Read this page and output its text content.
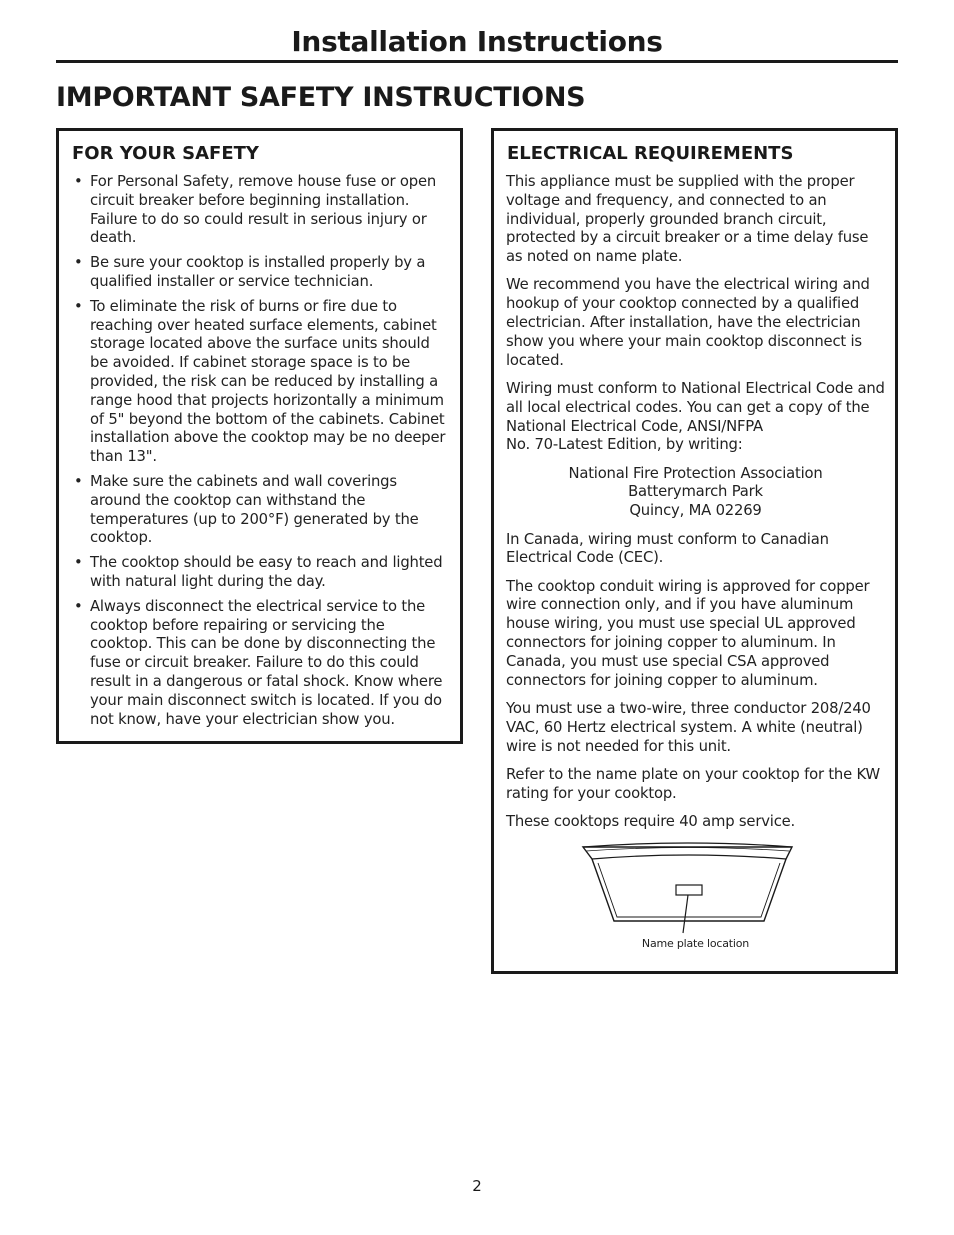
Installation Instructions
IMPORTANT SAFETY INSTRUCTIONS
FOR YOUR SAFETY
• For Personal Safety, remove house fuse or open circuit breaker before beginning installation. Failure to do so could result in serious injury or death.
• Be sure your cooktop is installed properly by a qualified installer or service technician.
• To eliminate the risk of burns or fire due to reaching over heated surface elements, cabinet storage located above the surface units should be avoided. If cabinet storage space is to be provided, the risk can be reduced by installing a range hood that projects horizontally a minimum of 5" beyond the bottom of the cabinets. Cabinet installation above the cooktop may be no deeper than 13".
• Make sure the cabinets and wall coverings around the cooktop can withstand the temperatures (up to 200°F) generated by the cooktop.
• The cooktop should be easy to reach and lighted with natural light during the day.
• Always disconnect the electrical service to the cooktop before repairing or servicing the cooktop. This can be done by disconnecting the fuse or circuit breaker. Failure to do this could result in a dangerous or fatal shock. Know where your main disconnect switch is located. If you do not know, have your electrician show you.
ELECTRICAL REQUIREMENTS

This appliance must be supplied with the proper voltage and frequency, and connected to an individual, properly grounded branch circuit, protected by a circuit breaker or a time delay fuse as noted on name plate.

We recommend you have the electrical wiring and hookup of your cooktop connected by a qualified electrician. After installation, have the electrician show you where your main cooktop disconnect is located.

Wiring must conform to National Electrical Code and all local electrical codes. You can get a copy of the National Electrical Code, ANSI/NFPA
No. 70-Latest Edition, by writing:

National Fire Protection Association
Batterymarch Park
Quincy, MA 02269

In Canada, wiring must conform to Canadian Electrical Code (CEC).

The cooktop conduit wiring is approved for copper wire connection only, and if you have aluminum house wiring, you must use special UL approved connectors for joining copper to aluminum. In Canada, you must use special CSA approved connectors for joining copper to aluminum.

You must use a two-wire, three conductor 208/240 VAC, 60 Hertz electrical system. A white (neutral) wire is not needed for this unit.

Refer to the name plate on your cooktop for the KW rating for your cooktop.

These cooktops require 40 amp service.

Name plate location
2
